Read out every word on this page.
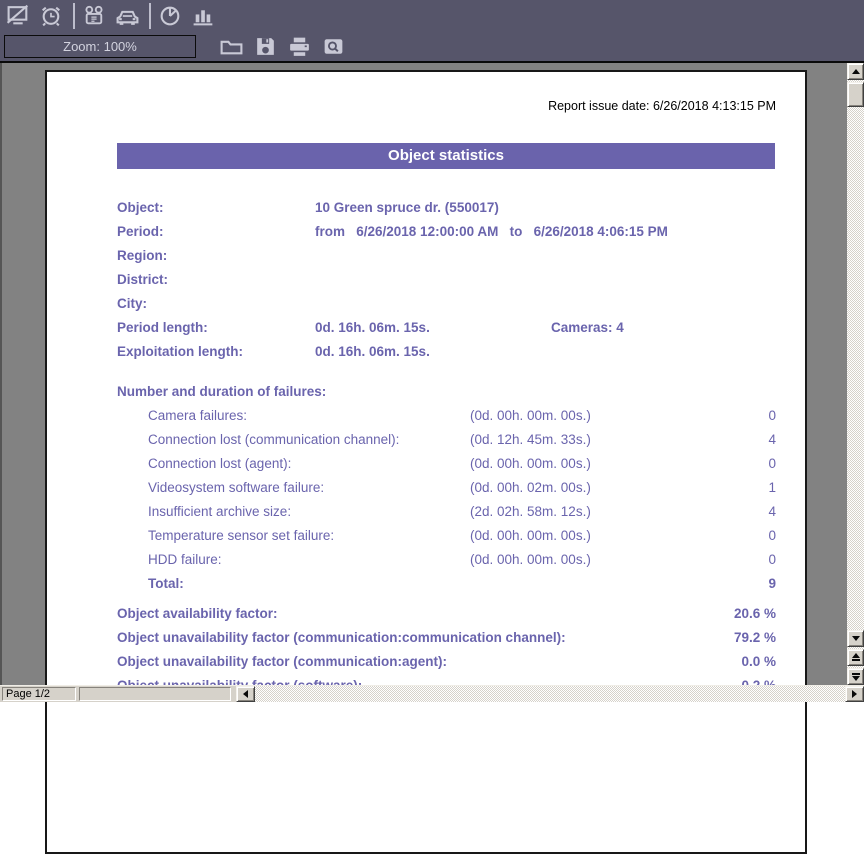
Zoom: 100%
Report issue date: 6/26/2018 4:13:15 PM
Object statistics
Object:	10 Green spruce dr. (550017)
Period:	from   6/26/2018 12:00:00 AM   to   6/26/2018 4:06:15 PM
Region:
District:
City:
Period length:	0d. 16h. 06m. 15s.	Cameras: 4
Exploitation length:	0d. 16h. 06m. 15s.
Number and duration of failures:
Camera failures:	(0d. 00h. 00m. 00s.)	0
Connection lost (communication channel):	(0d. 12h. 45m. 33s.)	4
Connection lost (agent):	(0d. 00h. 00m. 00s.)	0
Videosystem software failure:	(0d. 00h. 02m. 00s.)	1
Insufficient archive size:	(2d. 02h. 58m. 12s.)	4
Temperature sensor set failure:	(0d. 00h. 00m. 00s.)	0
HDD failure:	(0d. 00h. 00m. 00s.)	0
Total:	9
Object availability factor:	20.6 %
Object unavailability factor (communication:communication channel):	79.2 %
Object unavailability factor (communication:agent):	0.0 %
Page 1/2
